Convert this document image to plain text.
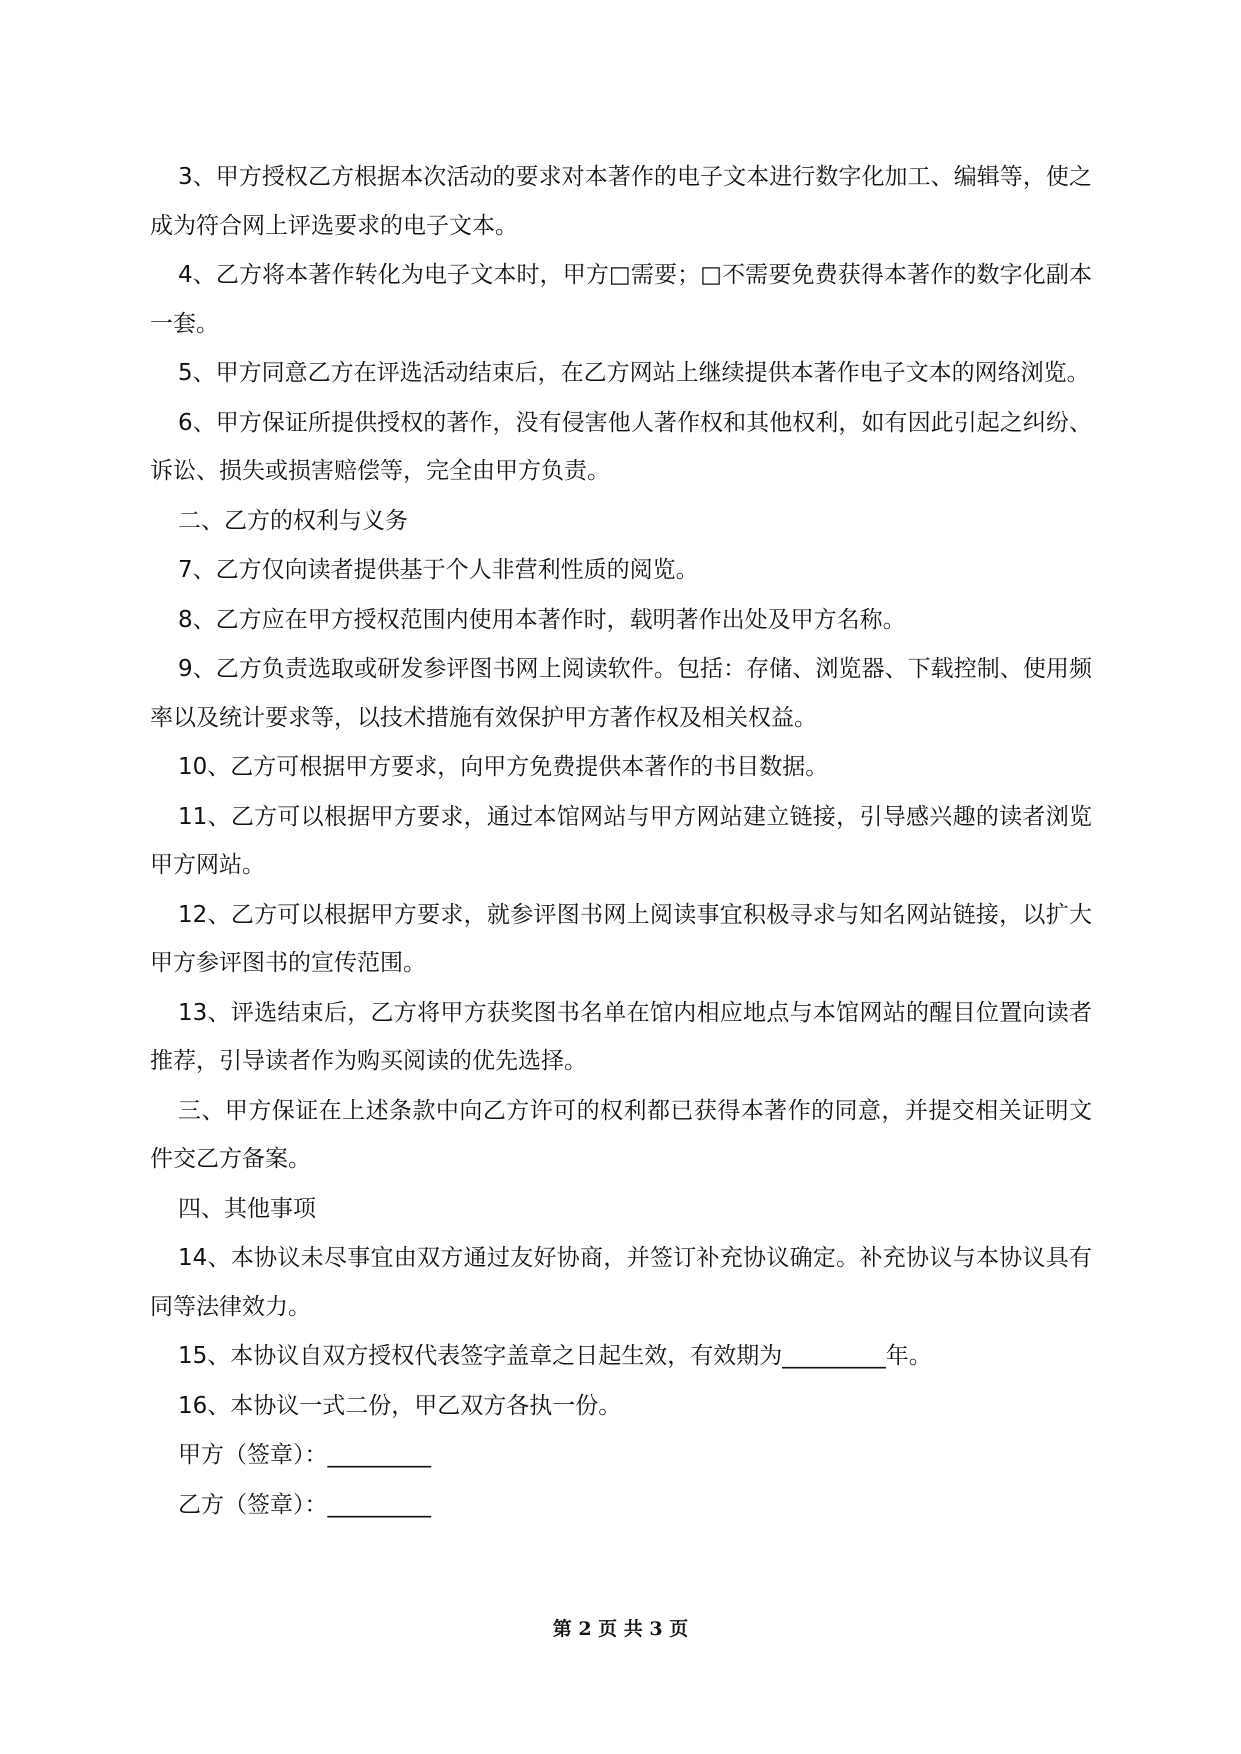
3、甲方授权乙方根据本次活动的要求对本著作的电子文本进行数字化加工、编辑等，使之成为符合网上评选要求的电子文本。

4、乙方将本著作转化为电子文本时，甲方□需要；□不需要免费获得本著作的数字化副本一套。

5、甲方同意乙方在评选活动结束后，在乙方网站上继续提供本著作电子文本的网络浏览。

6、甲方保证所提供授权的著作，没有侵害他人著作权和其他权利，如有因此引起之纠纷、诉讼、损失或损害赔偿等，完全由甲方负责。

二、乙方的权利与义务

7、乙方仅向读者提供基于个人非营利性质的阅览。

8、乙方应在甲方授权范围内使用本著作时，载明著作出处及甲方名称。

9、乙方负责选取或研发参评图书网上阅读软件。包括：存储、浏览器、下载控制、使用频率以及统计要求等，以技术措施有效保护甲方著作权及相关权益。

10、乙方可根据甲方要求，向甲方免费提供本著作的书目数据。

11、乙方可以根据甲方要求，通过本馆网站与甲方网站建立链接，引导感兴趣的读者浏览甲方网站。

12、乙方可以根据甲方要求，就参评图书网上阅读事宜积极寻求与知名网站链接，以扩大甲方参评图书的宣传范围。

13、评选结束后，乙方将甲方获奖图书名单在馆内相应地点与本馆网站的醒目位置向读者推荐，引导读者作为购买阅读的优先选择。

三、甲方保证在上述条款中向乙方许可的权利都已获得本著作的同意，并提交相关证明文件交乙方备案。

四、其他事项

14、本协议未尽事宜由双方通过友好协商，并签订补充协议确定。补充协议与本协议具有同等法律效力。

15、本协议自双方授权代表签字盖章之日起生效，有效期为_________年。

16、本协议一式二份，甲乙双方各执一份。

甲方（签章）：_________

乙方（签章）：_________

第 2 页 共 3 页
